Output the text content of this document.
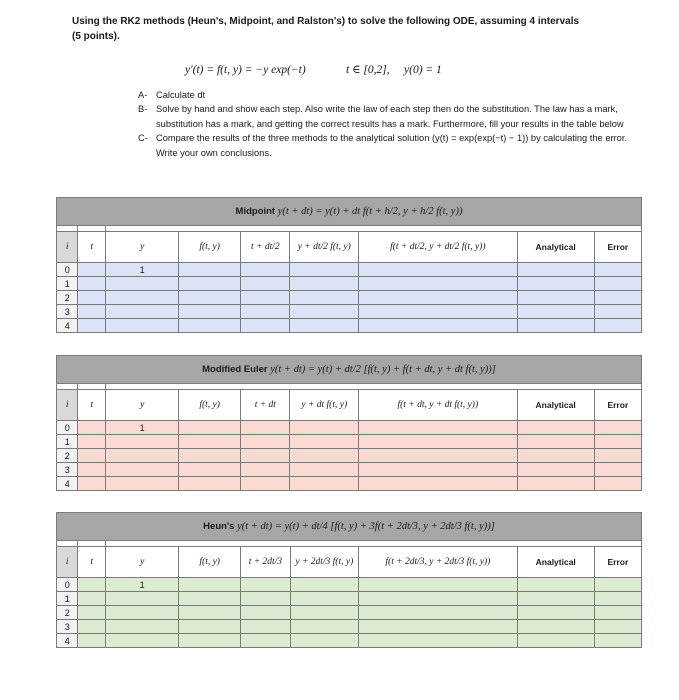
Using the RK2 methods (Heun's, Midpoint, and Ralston's) to solve the following ODE, assuming 4 intervals
(5 points).
y′(t) = f(t, y) = −y exp(−t)	t ∈ [0,2], y(0) = 1
A- Calculate dt
B- Solve by hand and show each step. Also write the law of each step then do the substitution. The law has a mark, substitution has a mark, and getting the correct results has a mark. Furthermore, fill your results in the table below
C- Compare the results of the three methods to the analytical solution (y(t) = exp(exp(−t) − 1)) by calculating the error. Write your own conclusions.
Midpoint y(t + dt) = y(t) + dt f(t + h/2, y + h/2 f(t, y))								

i	t	y	f(t, y)	t + dt/2	y + dt/2 f(t, y)	f(t + dt/2, y + dt/2 f(t, y))	Analytical	Error
0		1						
1								
2								
3								
4								
Modified Euler y(t + dt) = y(t) + dt/2 [f(t, y) + f(t + dt, y + dt f(t, y))]								

i	t	y	f(t, y)	t + dt	y + dt f(t, y)	f(t + dt, y + dt f(t, y))	Analytical	Error
0		1						
1								
2								
3								
4								
Heun's y(t + dt) = y(t) + dt/4 [f(t, y) + 3f(t + 2dt/3, y + 2dt/3 f(t, y))]								

i	t	y	f(t, y)	t + 2dt/3	y + 2dt/3 f(t, y)	f(t + 2dt/3, y + 2dt/3 f(t, y))	Analytical	Error
0		1						
1								
2								
3								
4								
